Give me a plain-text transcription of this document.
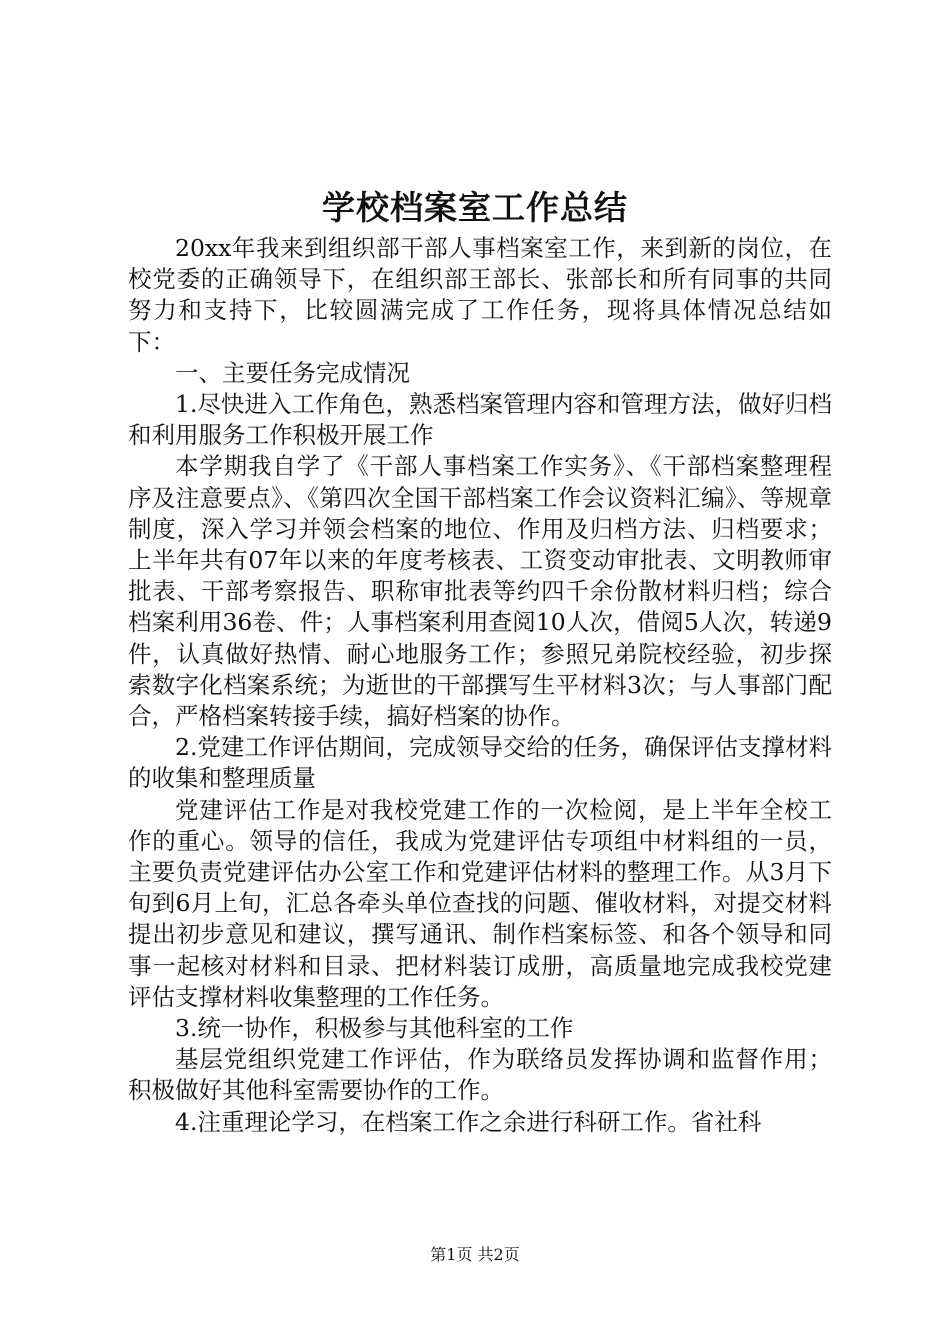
学校档案室工作总结

20xx年我来到组织部干部人事档案室工作，来到新的岗位，在校党委的正确领导下，在组织部王部长、张部长和所有同事的共同努力和支持下，比较圆满完成了工作任务，现将具体情况总结如下：

一、主要任务完成情况

1.尽快进入工作角色，熟悉档案管理内容和管理方法，做好归档和利用服务工作积极开展工作

本学期我自学了《干部人事档案工作实务》、《干部档案整理程序及注意要点》、《第四次全国干部档案工作会议资料汇编》、等规章制度，深入学习并领会档案的地位、作用及归档方法、归档要求；上半年共有07年以来的年度考核表、工资变动审批表、文明教师审批表、干部考察报告、职称审批表等约四千余份散材料归档；综合档案利用36卷、件；人事档案利用查阅10人次，借阅5人次，转递9件，认真做好热情、耐心地服务工作；参照兄弟院校经验，初步探索数字化档案系统；为逝世的干部撰写生平材料3次；与人事部门配合，严格档案转接手续，搞好档案的协作。

2.党建工作评估期间，完成领导交给的任务，确保评估支撑材料的收集和整理质量

党建评估工作是对我校党建工作的一次检阅，是上半年全校工作的重心。领导的信任，我成为党建评估专项组中材料组的一员，主要负责党建评估办公室工作和党建评估材料的整理工作。从3月下旬到6月上旬，汇总各牵头单位查找的问题、催收材料，对提交材料提出初步意见和建议，撰写通讯、制作档案标签、和各个领导和同事一起核对材料和目录、把材料装订成册，高质量地完成我校党建评估支撑材料收集整理的工作任务。

3.统一协作，积极参与其他科室的工作

基层党组织党建工作评估，作为联络员发挥协调和监督作用；积极做好其他科室需要协作的工作。

4.注重理论学习，在档案工作之余进行科研工作。省社科

第1页 共2页
